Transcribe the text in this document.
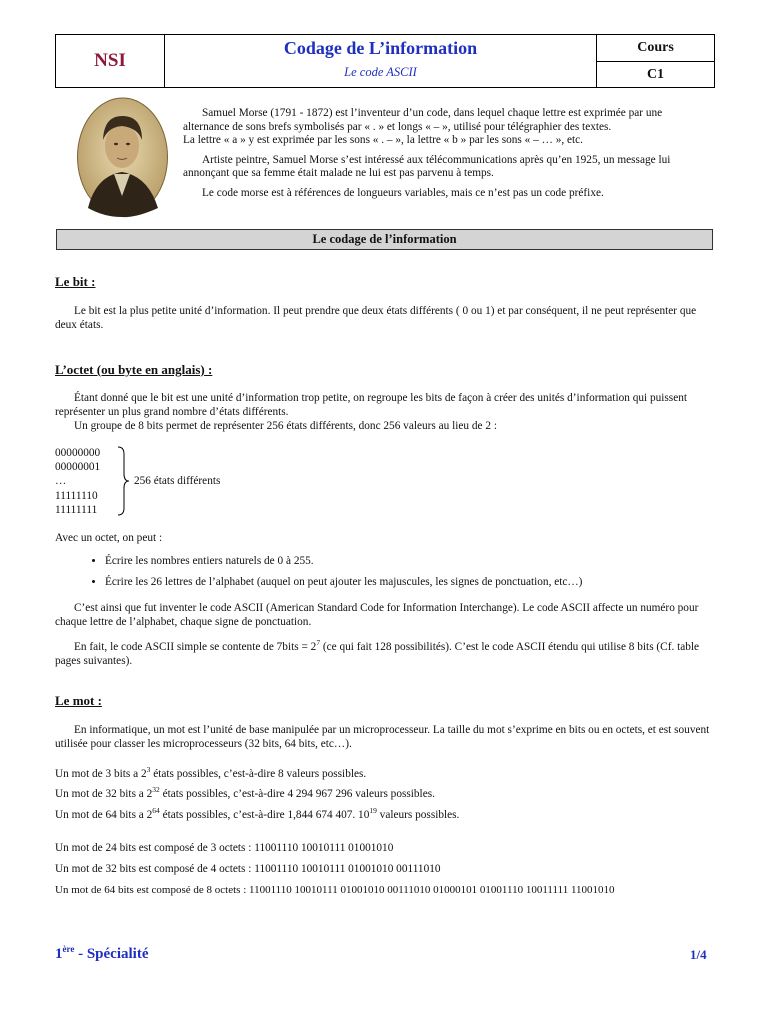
NSI
Codage de L’information
Le code ASCII
Cours
C1

Samuel Morse (1791 - 1872) est l’inventeur d’un code, dans lequel chaque lettre est exprimée par une alternance de sons brefs symbolisés par « . » et longs « – », utilisé pour télégraphier des textes.
La lettre « a » y est exprimée par les sons « . – », la lettre « b » par les sons « – … », etc.

Artiste peintre, Samuel Morse s’est intéressé aux télécommunications après qu’en 1925, un message lui annonçant que sa femme était malade ne lui est pas parvenu à temps.

Le code morse est à références de longueurs variables, mais ce n’est pas un code préfixe.

Le codage de l’information
Le bit :

Le bit est la plus petite unité d’information. Il peut prendre que deux états différents ( 0 ou 1) et par conséquent, il ne peut représenter que deux états.

L’octet (ou byte en anglais) :

Étant donné que le bit est une unité d’information trop petite, on regroupe les bits de façon à créer des unités d’information qui puissent représenter un plus grand nombre d’états différents.

Un groupe de 8 bits permet de représenter 256 états différents, donc 256 valeurs au lieu de 2 :

00000000
00000001
…
11111110
11111111
256 états différents

Avec un octet, on peut :

• Écrire les nombres entiers naturels de 0 à 255.
• Écrire les 26 lettres de l’alphabet (auquel on peut ajouter les majuscules, les signes de ponctuation, etc…)

C’est ainsi que fut inventer le code ASCII (American Standard Code for Information Interchange). Le code ASCII affecte un numéro pour chaque lettre de l’alphabet, chaque signe de ponctuation.

En fait, le code ASCII simple se contente de 7bits = $2^7$ (ce qui fait 128 possibilités). C’est le code ASCII étendu qui utilise 8 bits (Cf. table pages suivantes).

Le mot :

En informatique, un mot est l’unité de base manipulée par un microprocesseur. La taille du mot s’exprime en bits ou en octets, et est souvent utilisée pour classer les microprocesseurs (32 bits, 64 bits, etc…).

Un mot de 3 bits a $2^3$ états possibles, c’est-à-dire 8 valeurs possibles.
Un mot de 32 bits a $2^{32}$ états possibles, c’est-à-dire 4 294 967 296 valeurs possibles.
Un mot de 64 bits a $2^{64}$ états possibles, c’est-à-dire 1,844 674 407. $10^{19}$ valeurs possibles.
Un mot de 24 bits est composé de 3 octets : 11001110 10010111 01001010
Un mot de 32 bits est composé de 4 octets : 11001110 10010111 01001010 00111010
Un mot de 64 bits est composé de 8 octets : 11001110 10010111 01001010 00111010 01000101 01001110 10011111 11001010
1ère - Spécialité	1/4
